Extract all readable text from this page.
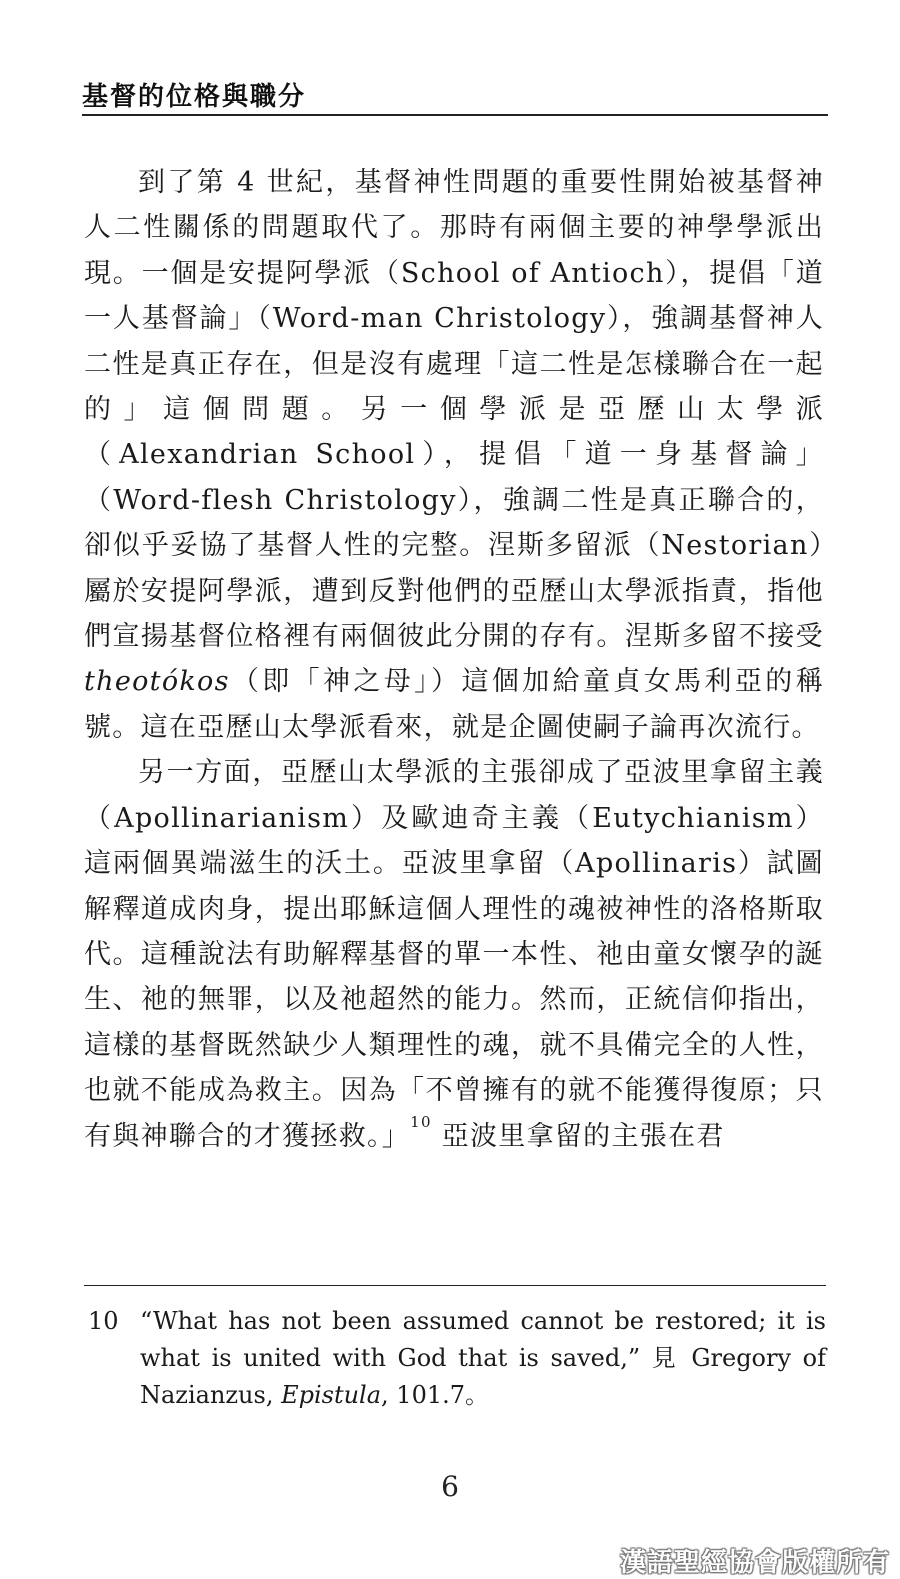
基督的位格與職分

到了第 4 世紀，基督神性問題的重要性開始被基督神人二性關係的問題取代了。那時有兩個主要的神學學派出現。一個是安提阿學派（School of Antioch），提倡「道一人基督論」（Word-man Christology），強調基督神人二性是真正存在，但是沒有處理「這二性是怎樣聯合在一起的」這個問題。另一個學派是亞歷山太學派（Alexandrian School），提倡「道一身基督論」（Word-flesh Christology），強調二性是真正聯合的，卻似乎妥協了基督人性的完整。涅斯多留派（Nestorian）屬於安提阿學派，遭到反對他們的亞歷山太學派指責，指他們宣揚基督位格裡有兩個彼此分開的存有。涅斯多留不接受 theotókos（即「神之母」）這個加給童貞女馬利亞的稱號。這在亞歷山太學派看來，就是企圖使嗣子論再次流行。

另一方面，亞歷山太學派的主張卻成了亞波里拿留主義（Apollinarianism）及歐迪奇主義（Eutychianism）這兩個異端滋生的沃土。亞波里拿留（Apollinaris）試圖解釋道成肉身，提出耶穌這個人理性的魂被神性的洛格斯取代。這種說法有助解釋基督的單一本性、祂由童女懷孕的誕生、祂的無罪，以及祂超然的能力。然而，正統信仰指出，這樣的基督既然缺少人類理性的魂，就不具備完全的人性，也就不能成為救主。因為「不曾擁有的就不能獲得復原；只有與神聯合的才獲拯救。」$^{10}$ 亞波里拿留的主張在君

10 “What has not been assumed cannot be restored; it is what is united with God that is saved,” 見 Gregory of Nazianzus, Epistula, 101.7。
6
漢語聖經協會版權所有
